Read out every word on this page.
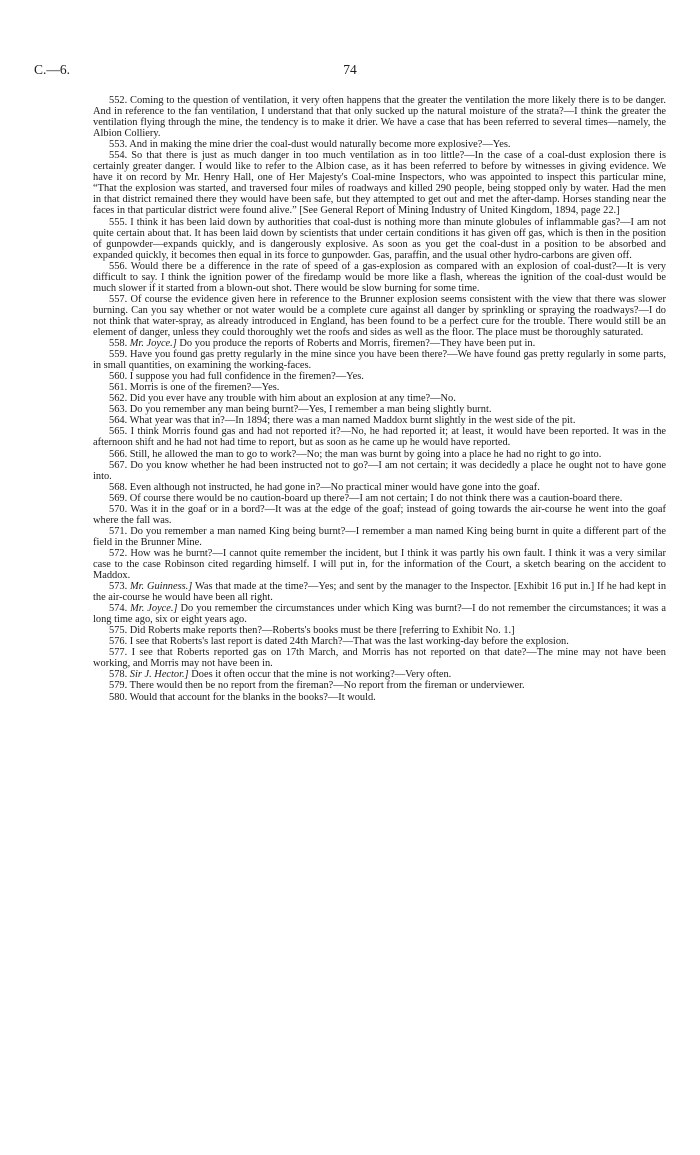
C.—6.	74

552. Coming to the question of ventilation, it very often happens that the greater the ventilation the more likely there is to be danger. And in reference to the fan ventilation, I understand that that only sucked up the natural moisture of the strata?—I think the greater the ventilation flying through the mine, the tendency is to make it drier. We have a case that has been referred to several times—namely, the Albion Colliery.

553. And in making the mine drier the coal-dust would naturally become more explosive?—Yes.

554. So that there is just as much danger in too much ventilation as in too little?—In the case of a coal-dust explosion there is certainly greater danger. I would like to refer to the Albion case, as it has been referred to before by witnesses in giving evidence. We have it on record by Mr. Henry Hall, one of Her Majesty's Coal-mine Inspectors, who was appointed to inspect this particular mine, “That the explosion was started, and traversed four miles of roadways and killed 290 people, being stopped only by water. Had the men in that district remained there they would have been safe, but they attempted to get out and met the after-damp. Horses standing near the faces in that particular district were found alive.” [See General Report of Mining Industry of United Kingdom, 1894, page 22.]

555. I think it has been laid down by authorities that coal-dust is nothing more than minute globules of inflammable gas?—I am not quite certain about that. It has been laid down by scientists that under certain conditions it has given off gas, which is then in the position of gunpowder—expands quickly, and is dangerously explosive. As soon as you get the coal-dust in a position to be absorbed and expanded quickly, it becomes then equal in its force to gunpowder. Gas, paraffin, and the usual other hydro-carbons are given off.

556. Would there be a difference in the rate of speed of a gas-explosion as compared with an explosion of coal-dust?—It is very difficult to say. I think the ignition power of the firedamp would be more like a flash, whereas the ignition of the coal-dust would be much slower if it started from a blown-out shot. There would be slow burning for some time.

557. Of course the evidence given here in reference to the Brunner explosion seems consistent with the view that there was slower burning. Can you say whether or not water would be a complete cure against all danger by sprinkling or spraying the roadways?—I do not think that water-spray, as already introduced in England, has been found to be a perfect cure for the trouble. There would still be an element of danger, unless they could thoroughly wet the roofs and sides as well as the floor. The place must be thoroughly saturated.

558. Mr. Joyce.] Do you produce the reports of Roberts and Morris, firemen?—They have been put in.

559. Have you found gas pretty regularly in the mine since you have been there?—We have found gas pretty regularly in some parts, in small quantities, on examining the working-faces.

560. I suppose you had full confidence in the firemen?—Yes.

561. Morris is one of the firemen?—Yes.

562. Did you ever have any trouble with him about an explosion at any time?—No.

563. Do you remember any man being burnt?—Yes, I remember a man being slightly burnt.

564. What year was that in?—In 1894; there was a man named Maddox burnt slightly in the west side of the pit.

565. I think Morris found gas and had not reported it?—No, he had reported it; at least, it would have been reported. It was in the afternoon shift and he had not had time to report, but as soon as he came up he would have reported.

566. Still, he allowed the man to go to work?—No; the man was burnt by going into a place he had no right to go into.

567. Do you know whether he had been instructed not to go?—I am not certain; it was decidedly a place he ought not to have gone into.

568. Even although not instructed, he had gone in?—No practical miner would have gone into the goaf.

569. Of course there would be no caution-board up there?—I am not certain; I do not think there was a caution-board there.

570. Was it in the goaf or in a bord?—It was at the edge of the goaf; instead of going towards the air-course he went into the goaf where the fall was.

571. Do you remember a man named King being burnt?—I remember a man named King being burnt in quite a different part of the field in the Brunner Mine.

572. How was he burnt?—I cannot quite remember the incident, but I think it was partly his own fault. I think it was a very similar case to the case Robinson cited regarding himself. I will put in, for the information of the Court, a sketch bearing on the accident to Maddox.

573. Mr. Guinness.] Was that made at the time?—Yes; and sent by the manager to the Inspector. [Exhibit 16 put in.] If he had kept in the air-course he would have been all right.

574. Mr. Joyce.] Do you remember the circumstances under which King was burnt?—I do not remember the circumstances; it was a long time ago, six or eight years ago.

575. Did Roberts make reports then?—Roberts's books must be there [referring to Exhibit No. 1.]

576. I see that Roberts's last report is dated 24th March?—That was the last working-day before the explosion.

577. I see that Roberts reported gas on 17th March, and Morris has not reported on that date?—The mine may not have been working, and Morris may not have been in.

578. Sir J. Hector.] Does it often occur that the mine is not working?—Very often.

579. There would then be no report from the fireman?—No report from the fireman or underviewer.

580. Would that account for the blanks in the books?—It would.
